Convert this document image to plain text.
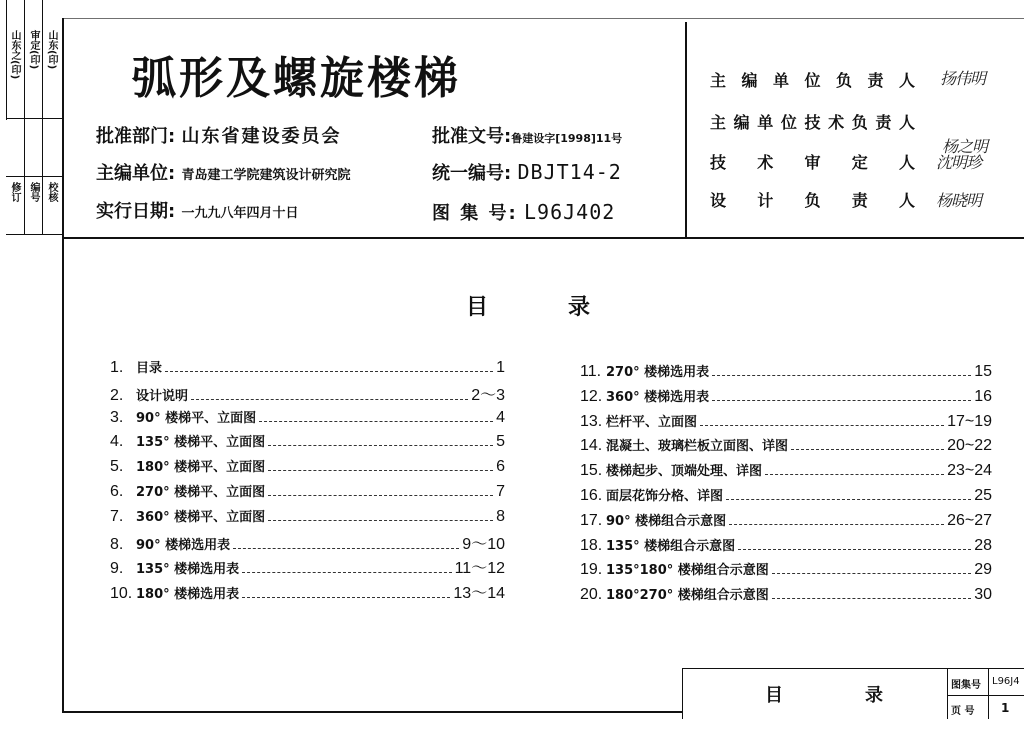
山东之(印) 审定(印) 山东(印)
修订 编号 校核
弧形及螺旋楼梯
批准部门: 山东省建设委员会	批准文号:鲁建设字[1998]11号
主编单位: 青岛建工学院建筑设计研究院	统一编号: DBJT14-2
实行日期: 一九九八年四月十日	图 集 号: L96J402
主编单位负责人 扬伟明
主编单位技术负责人
杨之明
技术审定人 沈明珍
设计负责人 杨晓明
目	录
1. 目录	1
2. 设计说明	2～3
3. 90° 楼梯平、立面图	4
4. 135° 楼梯平、立面图	5
5. 180° 楼梯平、立面图	6
6. 270° 楼梯平、立面图	7
7. 360° 楼梯平、立面图	8
8. 90° 楼梯选用表	9～10
9. 135° 楼梯选用表	11～12
10. 180° 楼梯选用表	13～14
11. 270° 楼梯选用表	15
12. 360° 楼梯选用表	16
13. 栏杆平、立面图	17~19
14. 混凝土、玻璃栏板立面图、详图	20~22
15. 楼梯起步、顶端处理、详图	23~24
16. 面层花饰分格、详图	25
17. 90° 楼梯组合示意图	26~27
18. 135° 楼梯组合示意图	28
19. 135°180° 楼梯组合示意图	29
20. 180°270° 楼梯组合示意图	30
目	录	图集号 L96J4
页 号 1
